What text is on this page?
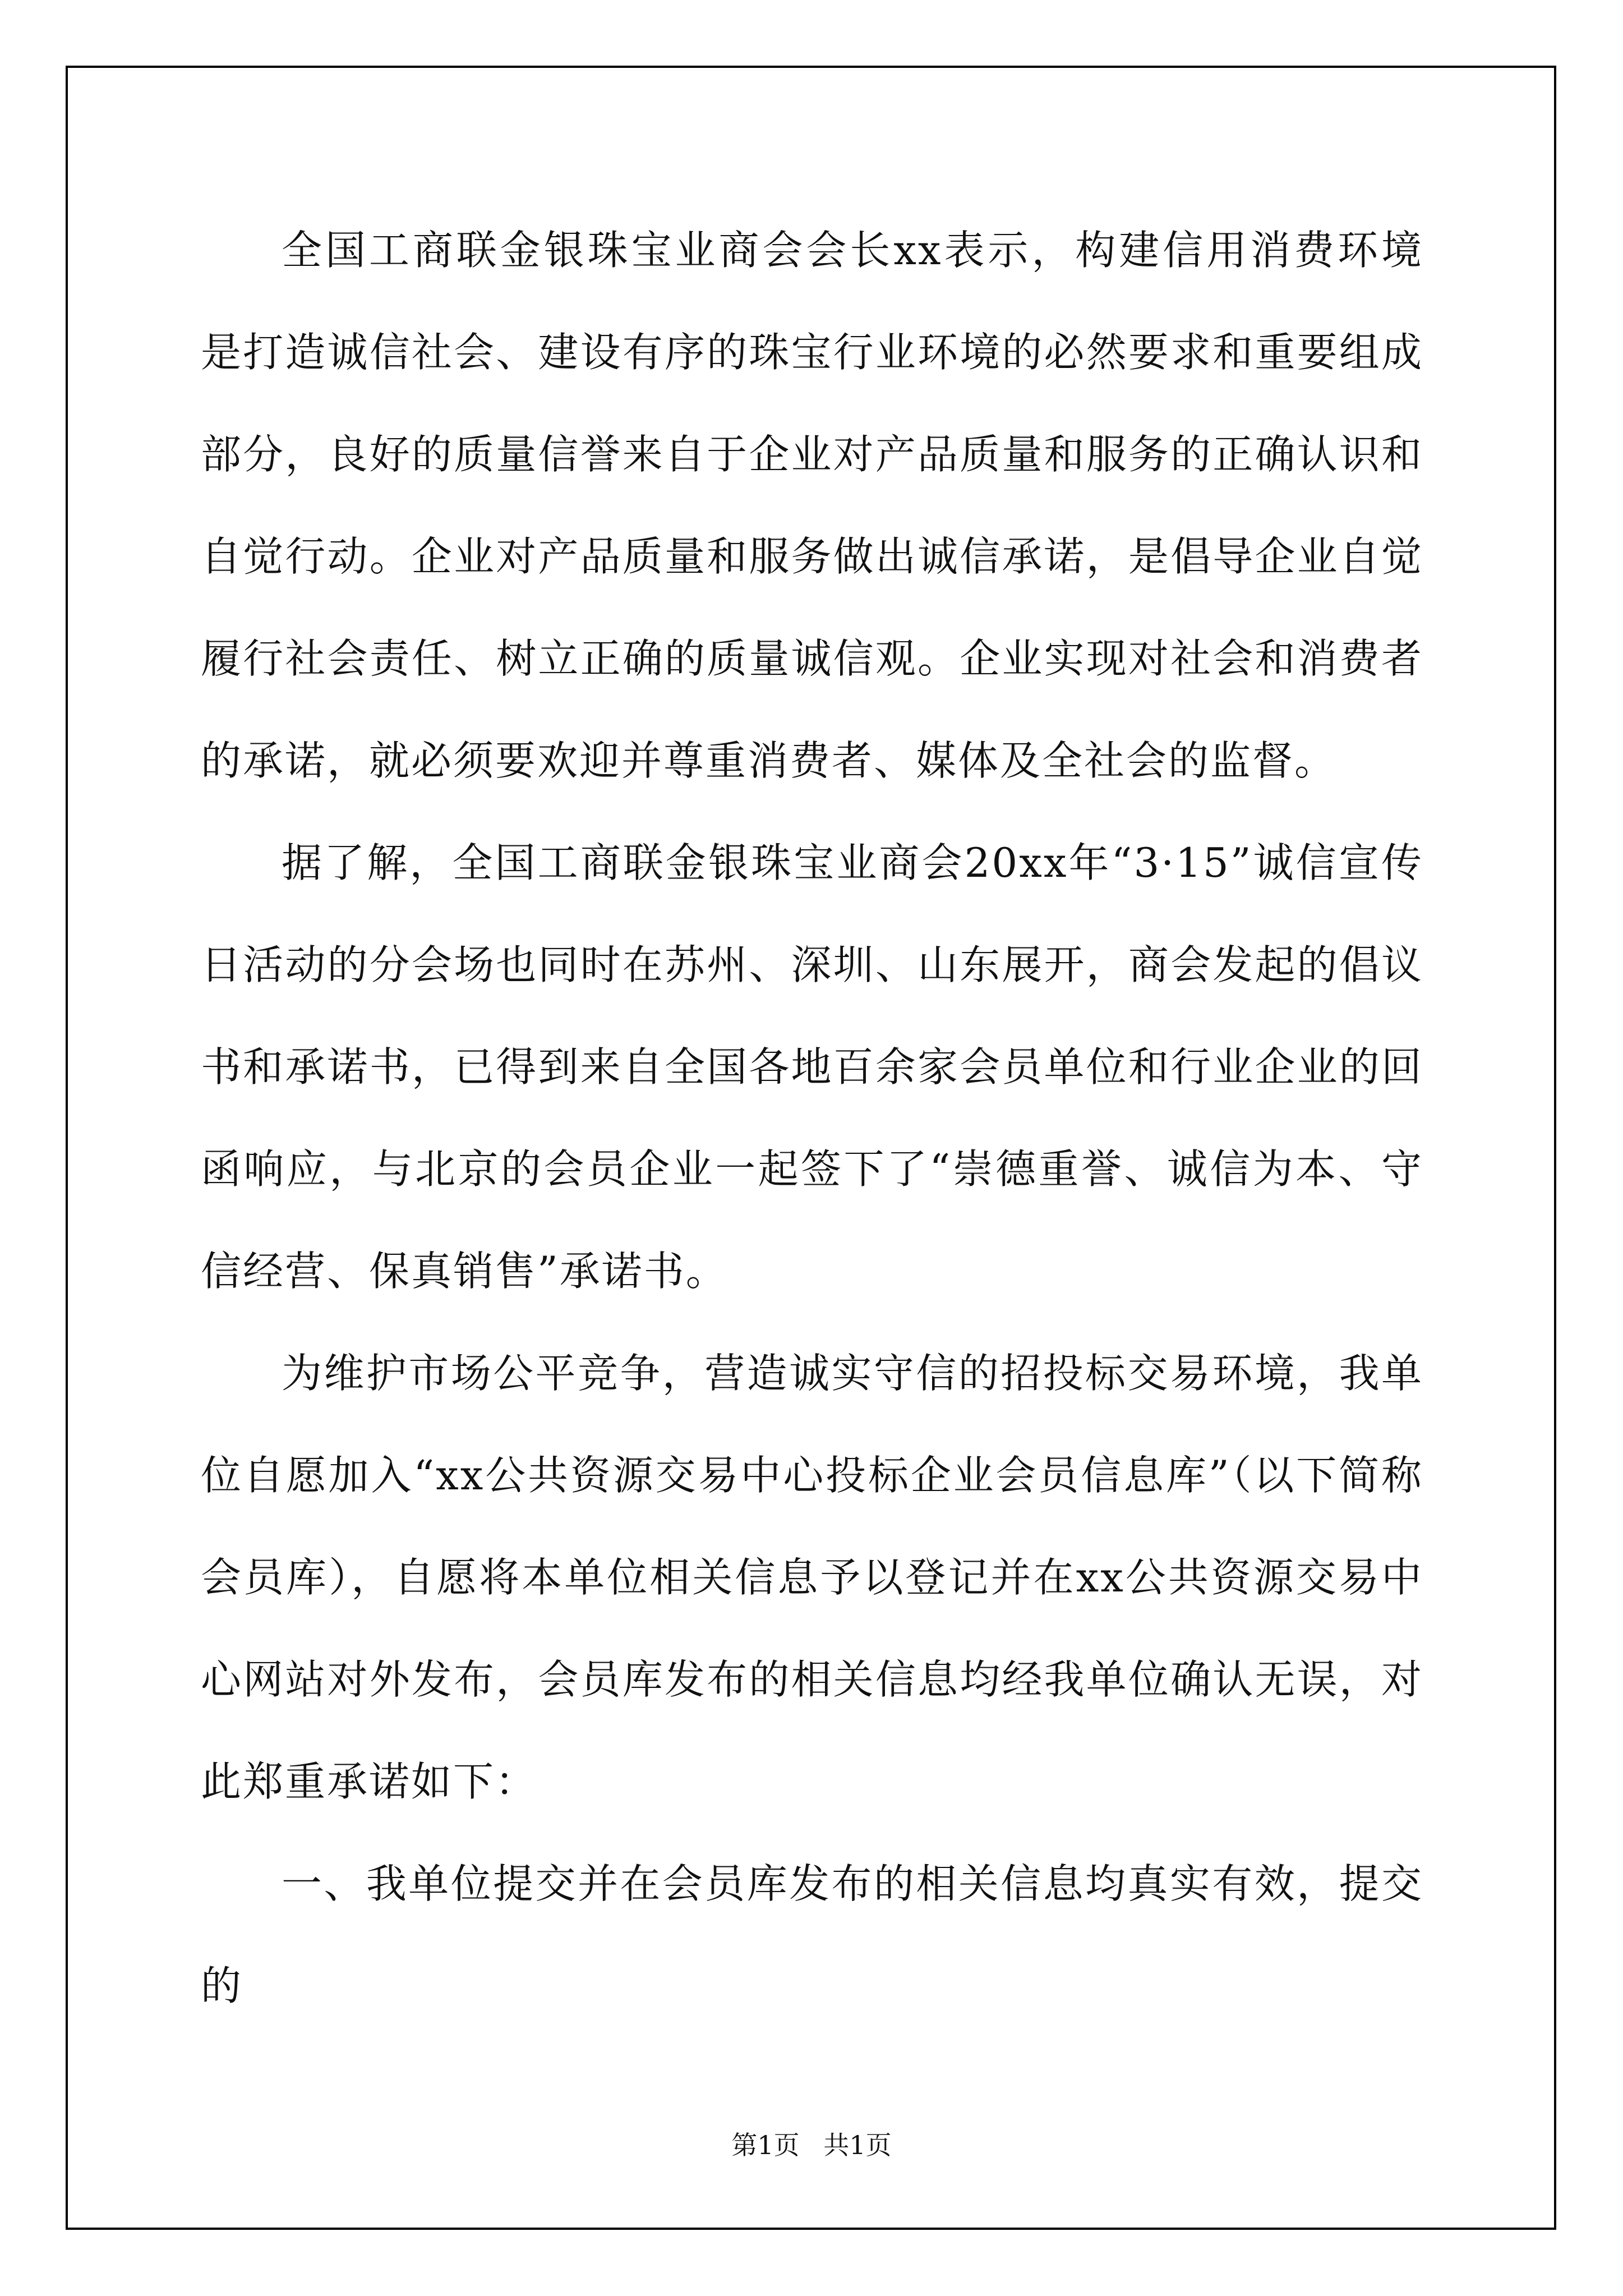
全国工商联金银珠宝业商会会长xx表示，构建信用消费环境是打造诚信社会、建设有序的珠宝行业环境的必然要求和重要组成部分，良好的质量信誉来自于企业对产品质量和服务的正确认识和自觉行动。企业对产品质量和服务做出诚信承诺，是倡导企业自觉履行社会责任、树立正确的质量诚信观。企业实现对社会和消费者的承诺，就必须要欢迎并尊重消费者、媒体及全社会的监督。

据了解，全国工商联金银珠宝业商会20xx年“3·15”诚信宣传日活动的分会场也同时在苏州、深圳、山东展开，商会发起的倡议书和承诺书，已得到来自全国各地百余家会员单位和行业企业的回函响应，与北京的会员企业一起签下了“崇德重誉、诚信为本、守信经营、保真销售”承诺书。

为维护市场公平竞争，营造诚实守信的招投标交易环境，我单位自愿加入“xx公共资源交易中心投标企业会员信息库”（以下简称会员库），自愿将本单位相关信息予以登记并在xx公共资源交易中心网站对外发布，会员库发布的相关信息均经我单位确认无误，对此郑重承诺如下：

一、我单位提交并在会员库发布的相关信息均真实有效，提交的

第1页 共1页
